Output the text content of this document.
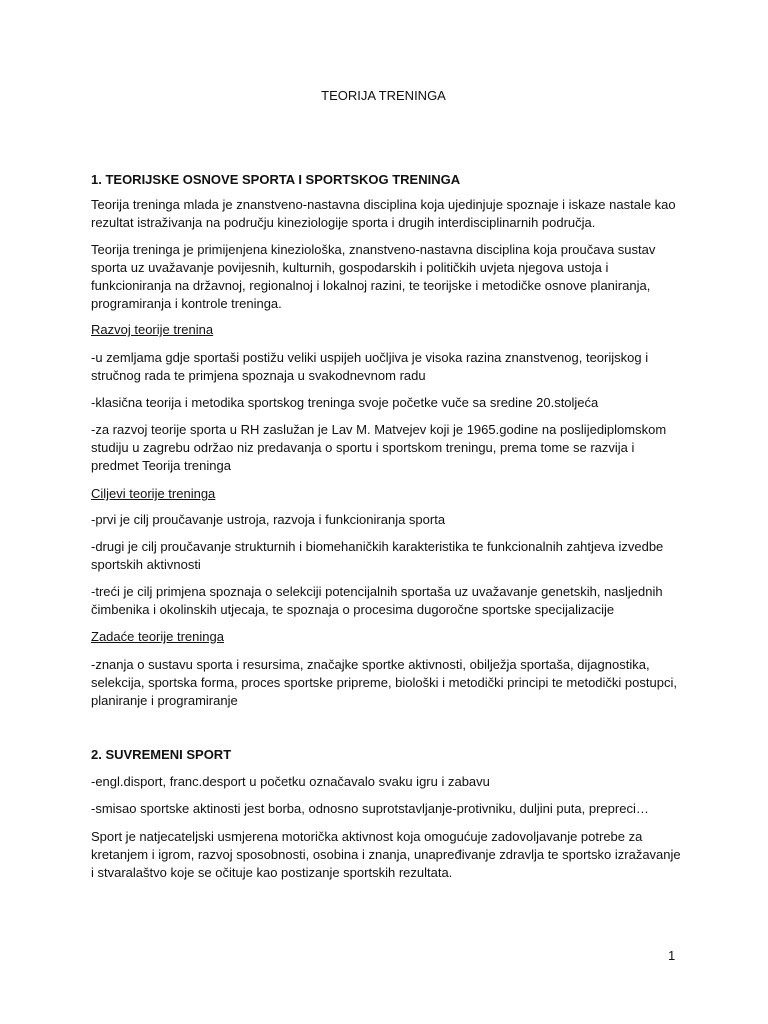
TEORIJA TRENINGA

1. TEORIJSKE OSNOVE SPORTA I SPORTSKOG TRENINGA

Teorija treninga mlada je znanstveno-nastavna disciplina koja ujedinjuje spoznaje i iskaze nastale kao rezultat istraživanja na području kineziologije sporta i drugih interdisciplinarnih područja.

Teorija treninga je primijenjena kineziološka, znanstveno-nastavna disciplina koja proučava sustav sporta uz uvažavanje povijesnih, kulturnih, gospodarskih i političkih uvjeta njegova ustoja i funkcioniranja na državnoj, regionalnoj i lokalnoj razini, te teorijske i metodičke osnove planiranja, programiranja i kontrole treninga.

Razvoj teorije trenina

-u zemljama gdje sportaši postižu veliki uspijeh uočljiva je visoka razina znanstvenog, teorijskog i stručnog rada te primjena spoznaja u svakodnevnom radu

-klasična teorija i metodika sportskog treninga svoje početke vuče sa sredine 20.stoljeća

-za razvoj teorije sporta u RH zaslužan je Lav M. Matvejev koji je 1965.godine na poslijediplomskom studiju u zagrebu održao niz predavanja o sportu i sportskom treningu, prema tome se razvija i predmet Teorija treninga

Ciljevi teorije treninga

-prvi je cilj proučavanje ustroja, razvoja i funkcioniranja sporta

-drugi je cilj proučavanje strukturnih i biomehaničkih karakteristika te funkcionalnih zahtjeva izvedbe sportskih aktivnosti

-treći je cilj primjena spoznaja o selekciji potencijalnih sportaša uz uvažavanje genetskih, nasljednih čimbenika i okolinskih utjecaja, te spoznaja o procesima dugoročne sportske specijalizacije

Zadaće teorije treninga

-znanja o sustavu sporta i resursima, značajke sportke aktivnosti, obilježja sportaša, dijagnostika, selekcija, sportska forma, proces sportske pripreme, biološki i metodički principi te metodički postupci, planiranje i programiranje

2. SUVREMENI SPORT

-engl.disport, franc.desport u početku označavalo svaku igru i zabavu

-smisao sportske aktinosti jest borba, odnosno suprotstavljanje-protivniku, duljini puta, prepreci…

Sport je natjecateljski usmjerena motorička aktivnost koja omogućuje zadovoljavanje potrebe za kretanjem i igrom, razvoj sposobnosti, osobina i znanja, unapređivanje zdravlja te sportsko izražavanje i stvaralaštvo koje se očituje kao postizanje sportskih rezultata.

1
